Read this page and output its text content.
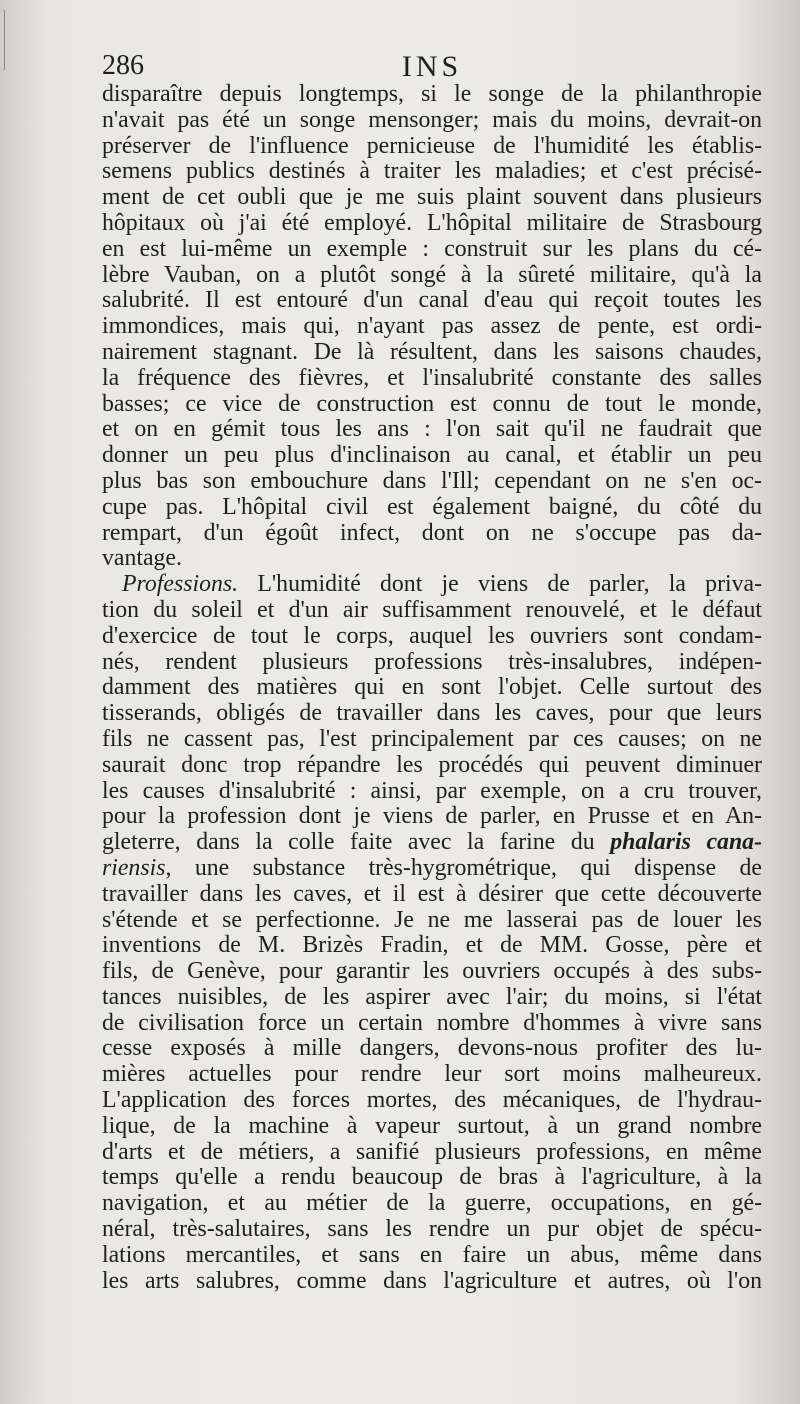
286	INS
disparaître depuis longtemps, si le songe de la philanthropie
n'avait pas été un songe mensonger; mais du moins, devrait-on
préserver de l'influence pernicieuse de l'humidité les établis-
semens publics destinés à traiter les maladies; et c'est précisé-
ment de cet oubli que je me suis plaint souvent dans plusieurs
hôpitaux où j'ai été employé. L'hôpital militaire de Strasbourg
en est lui-même un exemple : construit sur les plans du cé-
lèbre Vauban, on a plutôt songé à la sûreté militaire, qu'à la
salubrité. Il est entouré d'un canal d'eau qui reçoit toutes les
immondices, mais qui, n'ayant pas assez de pente, est ordi-
nairement stagnant. De là résultent, dans les saisons chaudes,
la fréquence des fièvres, et l'insalubrité constante des salles
basses; ce vice de construction est connu de tout le monde,
et on en gémit tous les ans : l'on sait qu'il ne faudrait que
donner un peu plus d'inclinaison au canal, et établir un peu
plus bas son embouchure dans l'Ill; cependant on ne s'en oc-
cupe pas. L'hôpital civil est également baigné, du côté du
rempart, d'un égoût infect, dont on ne s'occupe pas da-
vantage.
Professions. L'humidité dont je viens de parler, la priva-
tion du soleil et d'un air suffisamment renouvelé, et le défaut
d'exercice de tout le corps, auquel les ouvriers sont condam-
nés, rendent plusieurs professions très-insalubres, indépen-
damment des matières qui en sont l'objet. Celle surtout des
tisserands, obligés de travailler dans les caves, pour que leurs
fils ne cassent pas, l'est principalement par ces causes; on ne
saurait donc trop répandre les procédés qui peuvent diminuer
les causes d'insalubrité : ainsi, par exemple, on a cru trouver,
pour la profession dont je viens de parler, en Prusse et en An-
gleterre, dans la colle faite avec la farine du phalaris cana-
riensis, une substance très-hygrométrique, qui dispense de
travailler dans les caves, et il est à désirer que cette découverte
s'étende et se perfectionne. Je ne me lasserai pas de louer les
inventions de M. Brizès Fradin, et de MM. Gosse, père et
fils, de Genève, pour garantir les ouvriers occupés à des subs-
tances nuisibles, de les aspirer avec l'air; du moins, si l'état
de civilisation force un certain nombre d'hommes à vivre sans
cesse exposés à mille dangers, devons-nous profiter des lu-
mières actuelles pour rendre leur sort moins malheureux.
L'application des forces mortes, des mécaniques, de l'hydrau-
lique, de la machine à vapeur surtout, à un grand nombre
d'arts et de métiers, a sanifié plusieurs professions, en même
temps qu'elle a rendu beaucoup de bras à l'agriculture, à la
navigation, et au métier de la guerre, occupations, en gé-
néral, très-salutaires, sans les rendre un pur objet de spécu-
lations mercantiles, et sans en faire un abus, même dans
les arts salubres, comme dans l'agriculture et autres, où l'on
